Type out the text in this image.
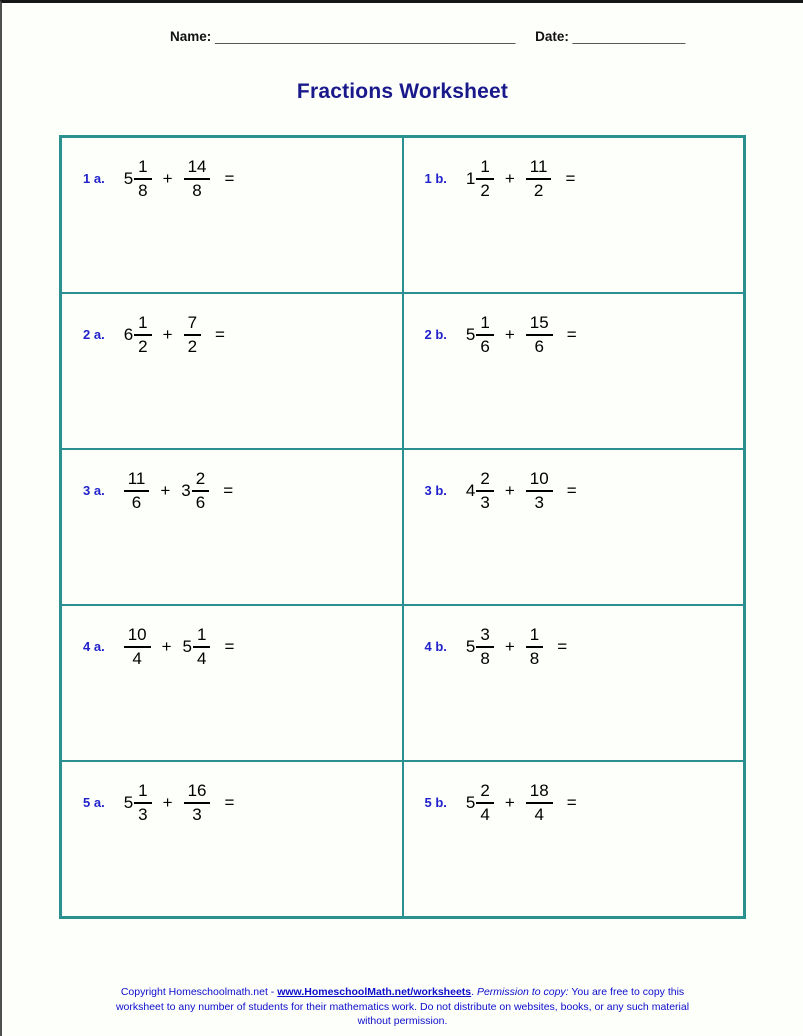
Name: ________________________________________ Date: _______________
Fractions Worksheet
1 a. $5 \frac{1}{8} + \frac{14}{8}$ =	1 b. $1 \frac{1}{2} + \frac{11}{2}$ =
2 a. $6 \frac{1}{2} + \frac{7}{2}$ =	2 b. $5 \frac{1}{6} + \frac{15}{6}$ =
3 a. $\frac{11}{6} + 3 \frac{2}{6}$ =	3 b. $4 \frac{2}{3} + \frac{10}{3}$ =
4 a. $\frac{10}{4} + 5 \frac{1}{4}$ =	4 b. $5 \frac{3}{8} + \frac{1}{8}$ =
5 a. $5 \frac{1}{3} + \frac{16}{3}$ =	5 b. $5 \frac{2}{4} + \frac{18}{4}$ =
Copyright Homeschoolmath.net - www.HomeschoolMath.net/worksheets. Permission to copy: You are free to copy this worksheet to any number of students for their mathematics work. Do not distribute on websites, books, or any such material without permission.
